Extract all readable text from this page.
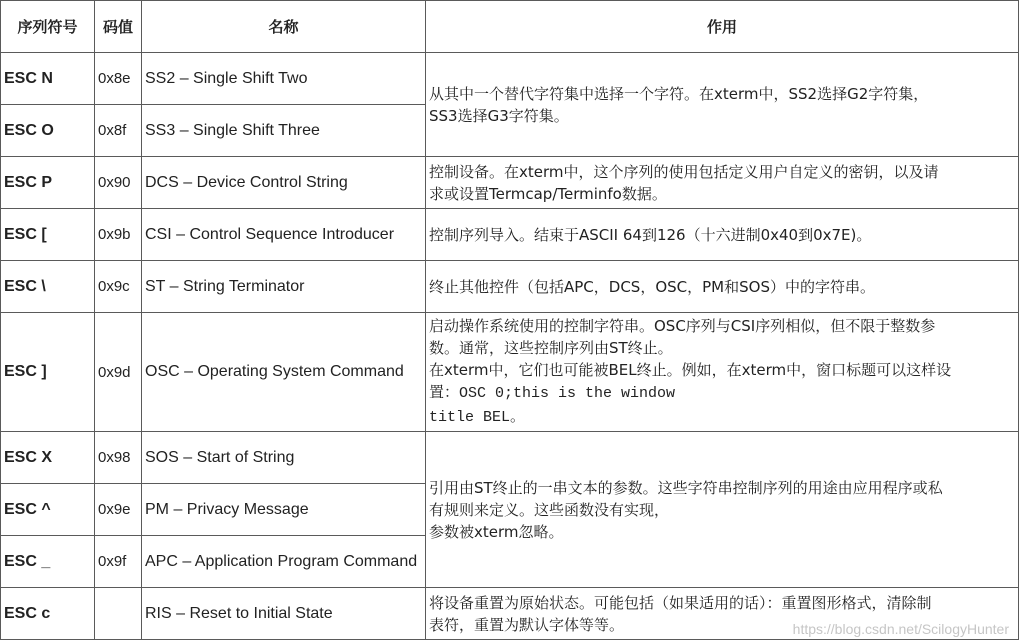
序列符号	码值	名称	作用
ESC N	0x8e	SS2 – Single Shift Two	从其中一个替代字符集中选择一个字符。在xterm中，SS2选择G2字符集，
SS3选择G3字符集。

ESC O	0x8f	SS3 – Single Shift Three	
ESC P	0x90	DCS – Device Control String	控制设备。在xterm中，这个序列的使用包括定义用户自定义的密钥，以及请
求或设置Termcap/Terminfo数据。

ESC [	0x9b	CSI – Control Sequence Introducer	控制序列导入。结束于ASCII 64到126（十六进制0x40到0x7E)。

ESC \	0x9c	ST – String Terminator	终止其他控件（包括APC，DCS，OSC，PM和SOS）中的字符串。

ESC ]	0x9d	OSC – Operating System Command	启动操作系统使用的控制字符串。OSC序列与CSI序列相似，但不限于整数参
数。通常，这些控制序列由ST终止。
在xterm中，它们也可能被BEL终止。例如，在xterm中，窗口标题可以这样设
置：OSC 0;this is the window
title BEL。

ESC X	0x98	SOS – Start of String	引用由ST终止的一串文本的参数。这些字符串控制序列的用途由应用程序或私
有规则来定义。这些函数没有实现，
参数被xterm忽略。

ESC ^	0x9e	PM – Privacy Message	
ESC _	0x9f	APC – Application Program Command	
ESC c		RIS – Reset to Initial State	将设备重置为原始状态。可能包括（如果适用的话）：重置图形格式，清除制
表符，重置为默认字体等等。	https://blog.csdn.net/ScilogyHunter
